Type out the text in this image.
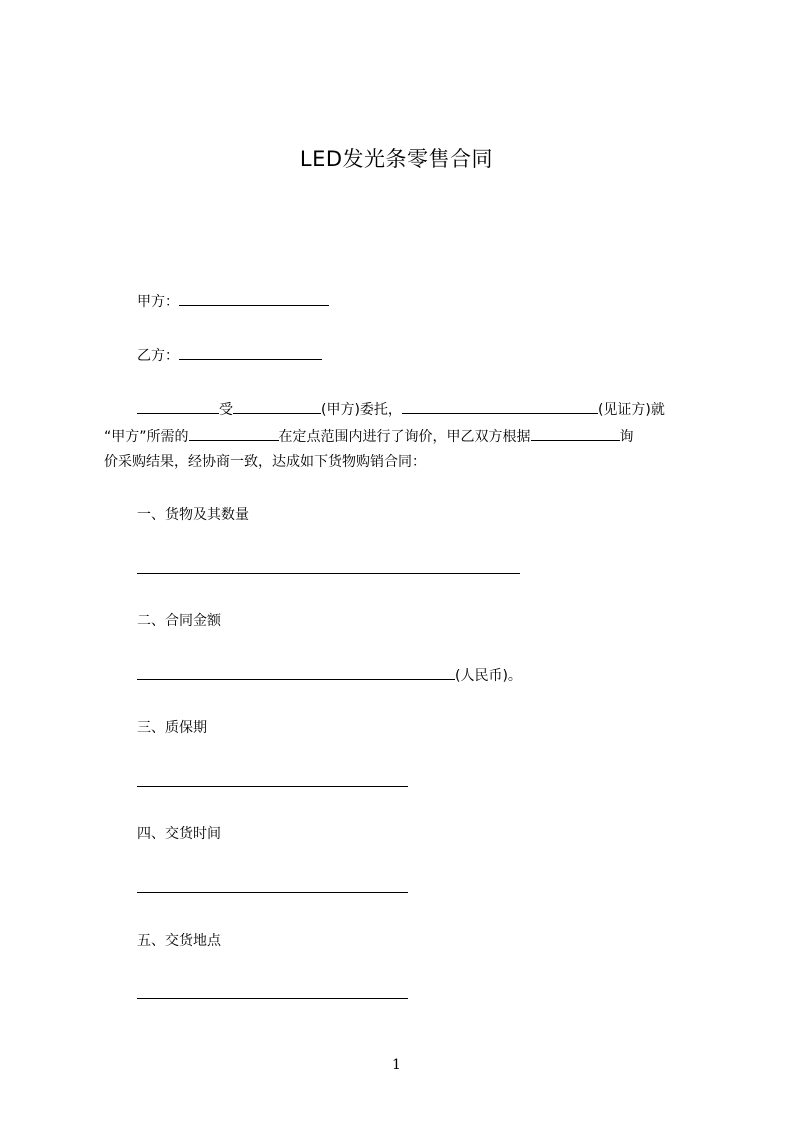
LED发光条零售合同
甲方：
乙方：
受	(甲方)委托，	(见证方)就
“甲方”所需的	在定点范围内进行了询价，甲乙双方根据	询
价采购结果，经协商一致，达成如下货物购销合同：
一、货物及其数量
二、合同金额
(人民币)。
三、质保期
四、交货时间
五、交货地点
1
